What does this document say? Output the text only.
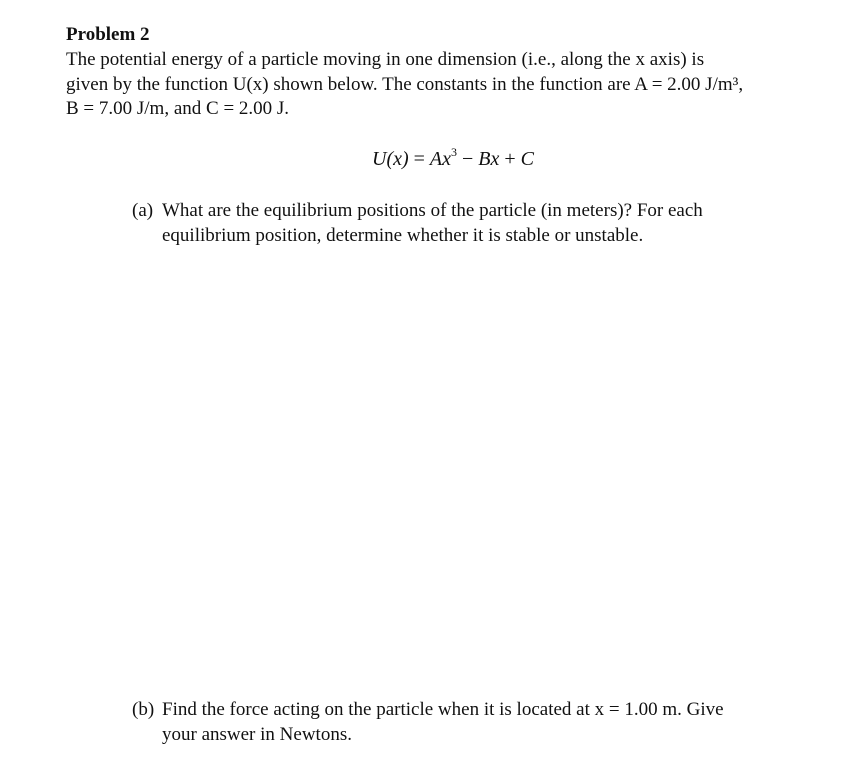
Problem 2
The potential energy of a particle moving in one dimension (i.e., along the x axis) is
given by the function U(x) shown below. The constants in the function are A = 2.00 J/m³,
B = 7.00 J/m, and C = 2.00 J.
$U(x) = Ax^3 - Bx + C$
(a) What are the equilibrium positions of the particle (in meters)? For each
equilibrium position, determine whether it is stable or unstable.
(b) Find the force acting on the particle when it is located at x = 1.00 m. Give
your answer in Newtons.
